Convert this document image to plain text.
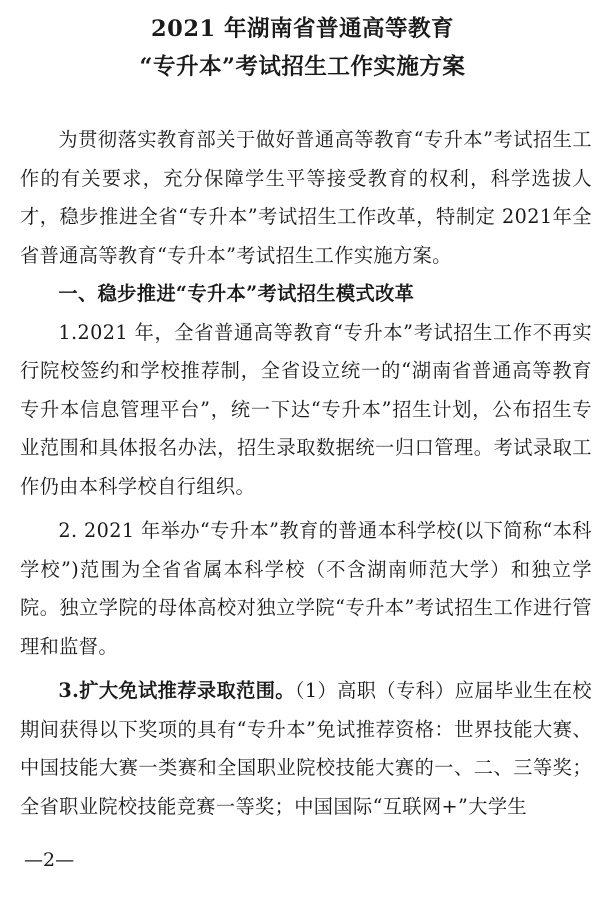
2021 年湖南省普通高等教育
“专升本”考试招生工作实施方案

为贯彻落实教育部关于做好普通高等教育“专升本”考试招生工作的有关要求，充分保障学生平等接受教育的权利，科学选拔人才，稳步推进全省“专升本”考试招生工作改革，特制定 2021年全省普通高等教育“专升本”考试招生工作实施方案。

一、稳步推进“专升本”考试招生模式改革

1.2021 年，全省普通高等教育“专升本”考试招生工作不再实行院校签约和学校推荐制，全省设立统一的“湖南省普通高等教育专升本信息管理平台”，统一下达“专升本”招生计划，公布招生专业范围和具体报名办法，招生录取数据统一归口管理。考试录取工作仍由本科学校自行组织。

2. 2021 年举办“专升本”教育的普通本科学校(以下简称“本科学校”)范围为全省省属本科学校（不含湖南师范大学）和独立学院。独立学院的母体高校对独立学院“专升本”考试招生工作进行管理和监督。

3.扩大免试推荐录取范围。（1）高职（专科）应届毕业生在校期间获得以下奖项的具有“专升本”免试推荐资格：世界技能大赛、中国技能大赛一类赛和全国职业院校技能大赛的一、二、三等奖；全省职业院校技能竞赛一等奖；中国国际“互联网+”大学生

—2—
